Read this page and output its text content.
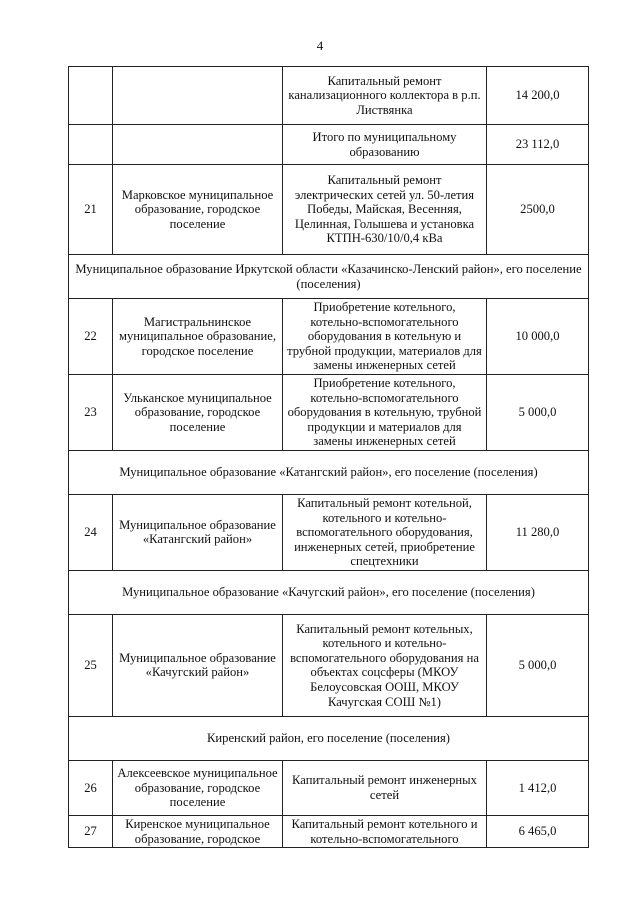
4
		Капитальный ремонт канализационного коллектора в р.п. Листвянка	14 200,0
		Итого по муниципальному образованию	23 112,0
21	Марковское муниципальное образование, городское поселение	Капитальный ремонт электрических сетей ул. 50-летия Победы, Майская, Весенняя, Целинная, Голышева и установка КТПН-630/10/0,4 кВа	2500,0
Муниципальное образование Иркутской области «Казачинско-Ленский район», его поселение (поселения)			
22	Магистральнинское муниципальное образование, городское поселение	Приобретение котельного, котельно-вспомогательного оборудования в котельную и трубной продукции, материалов для замены инженерных сетей	10 000,0
23	Ульканское муниципальное образование, городское поселение	Приобретение котельного, котельно-вспомогательного оборудования в котельную, трубной продукции и материалов для замены инженерных сетей	5 000,0
Муниципальное образование «Катангский район», его поселение (поселения)			
24	Муниципальное образование «Катангский район»	Капитальный ремонт котельной, котельного и котельно-вспомогательного оборудования, инженерных сетей, приобретение спецтехники	11 280,0
Муниципальное образование «Качугский район», его поселение (поселения)			
25	Муниципальное образование «Качугский район»	Капитальный ремонт котельных, котельного и котельно-вспомогательного оборудования на объектах соцсферы (МКОУ Белоусовская ООШ, МКОУ Качугская СОШ №1)	5 000,0
Киренский район, его поселение (поселения)			
26	Алексеевское муниципальное образование, городское поселение	Капитальный ремонт инженерных сетей	1 412,0
27	Киренское муниципальное образование, городское	Капитальный ремонт котельного и котельно-вспомогательного	6 465,0
